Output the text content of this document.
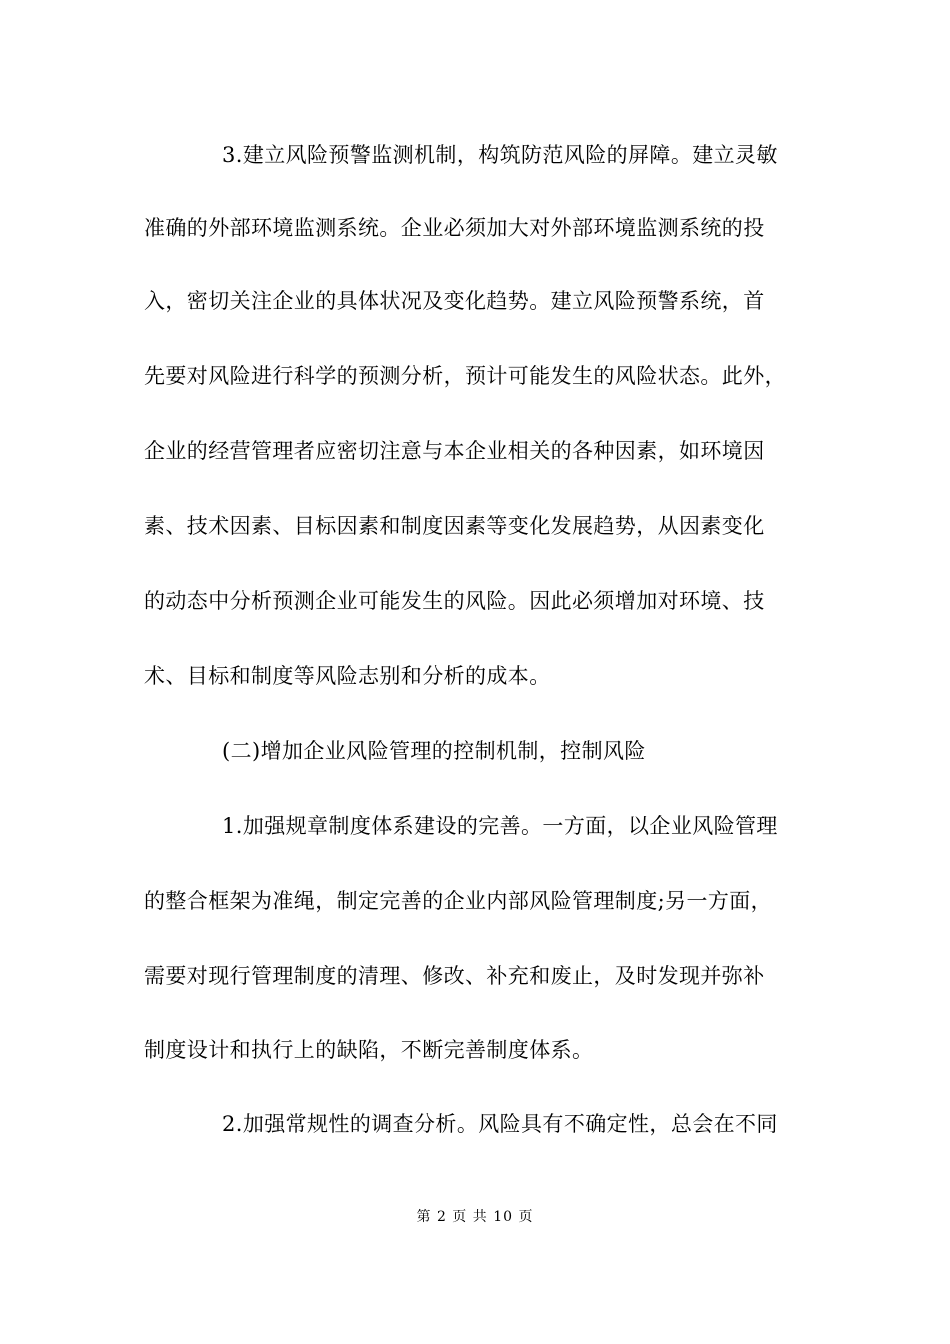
3.建立风险预警监测机制，构筑防范风险的屏障。建立灵敏
准确的外部环境监测系统。企业必须加大对外部环境监测系统的投
入，密切关注企业的具体状况及变化趋势。建立风险预警系统，首
先要对风险进行科学的预测分析，预计可能发生的风险状态。此外，
企业的经营管理者应密切注意与本企业相关的各种因素，如环境因
素、技术因素、目标因素和制度因素等变化发展趋势，从因素变化
的动态中分析预测企业可能发生的风险。因此必须增加对环境、技
术、目标和制度等风险志别和分析的成本。
(二)增加企业风险管理的控制机制，控制风险
1.加强规章制度体系建设的完善。一方面，以企业风险管理
的整合框架为准绳，制定完善的企业内部风险管理制度;另一方面，
需要对现行管理制度的清理、修改、补充和废止，及时发现并弥补
制度设计和执行上的缺陷，不断完善制度体系。
2.加强常规性的调查分析。风险具有不确定性，总会在不同
第 2 页 共 10 页
